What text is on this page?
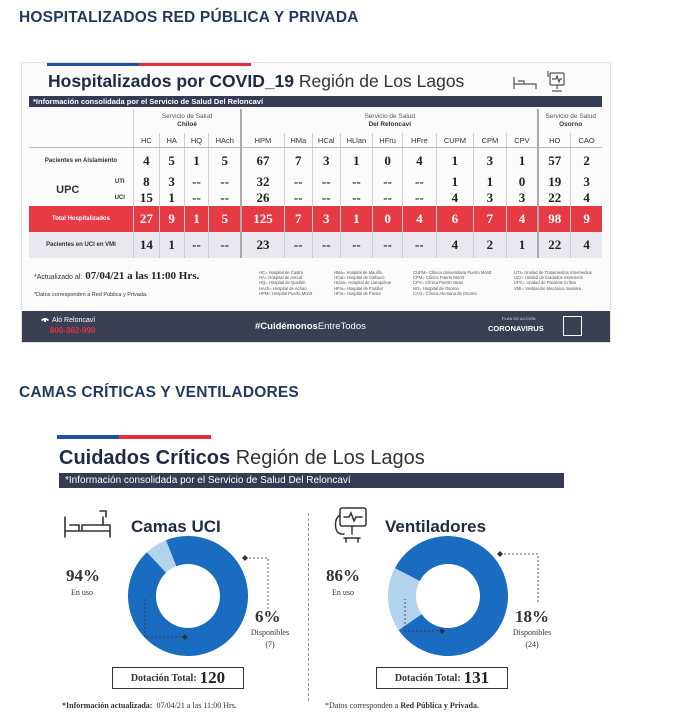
HOSPITALIZADOS RED PÚBLICA Y PRIVADA
Hospitalizados por COVID_19 Región de Los Lagos
*Información consolidada por el Servicio de Salud Del Reloncaví
		Servicio de Salud
Chiloé				Servicio de Salud
Del Reloncaví									Servicio de Salud
Osorno	
		HC	HA	HQ	HAch	HPM	HMa	HCal	HLlan	HFru	HFre	CUPM	CPM	CPV	HO	CAO
Pacientes en Aislamiento		4	5	1	5	67	7	3	1	0	4	1	3	1	57	2
UPC	UTI	8	3	--	--	32	--	--	--	--	--	1	1	0	19	3
	UCI	15	1	--	--	26	--	--	--	--	--	4	3	3	22	4
Total Hospitalizados		27	9	1	5	125	7	3	1	0	4	6	7	4	98	9
Pacientes en UCI en VMI		14	1	--	--	23	--	--	--	--	--	4	2	1	22	4
*Actualizado al: 07/04/21 a las 11:00 Hrs.
*Datos corresponden a Red Pública y Privada.
HC= Hospital de Castro
HA= Hospital de Ancud
HQ= Hospital de Quellón
HAch= Hospital de Achao
HPM= Hospital Puerto Montt
HMa= Hospital de Maullín
HCal= Hospital de Calbuco
HLlan= Hospital de Llanquihue
HFru= Hospital de Frutillar
HFre= Hospital de Fresia
CUPM= Clínica Universitaria Puerto Montt
CPM= Clínica Puerto Montt
CPV= Clínica Puerto Varas
HO= Hospital de Osorno
CAO= Clínica Alemana de Osorno
UTI= Unidad de Tratamientos Intermedios
UCI= Unidad de Cuidados Intensivos
UPC= Unidad de Paciente Crítico
VMI= Ventilación Mecánica Invasiva
Aló Reloncaví
800-362-990	#CuidémonosEntreTodos
PLAN DE ACCIÓN
CORONAVIRUS
CAMAS CRÍTICAS Y VENTILADORES
Cuidados Críticos Región de Los Lagos
*Información consolidada por el Servicio de Salud Del Reloncaví
Camas UCI
94%
En uso
6%
Disponibles
(7)
Dotación Total: 120
Ventiladores
86%
En uso
18%
Disponibles
(24)
Dotación Total: 131
*Información actualizada: 07/04/21 a las 11:00 Hrs.	*Datos corresponden a Red Pública y Privada.
